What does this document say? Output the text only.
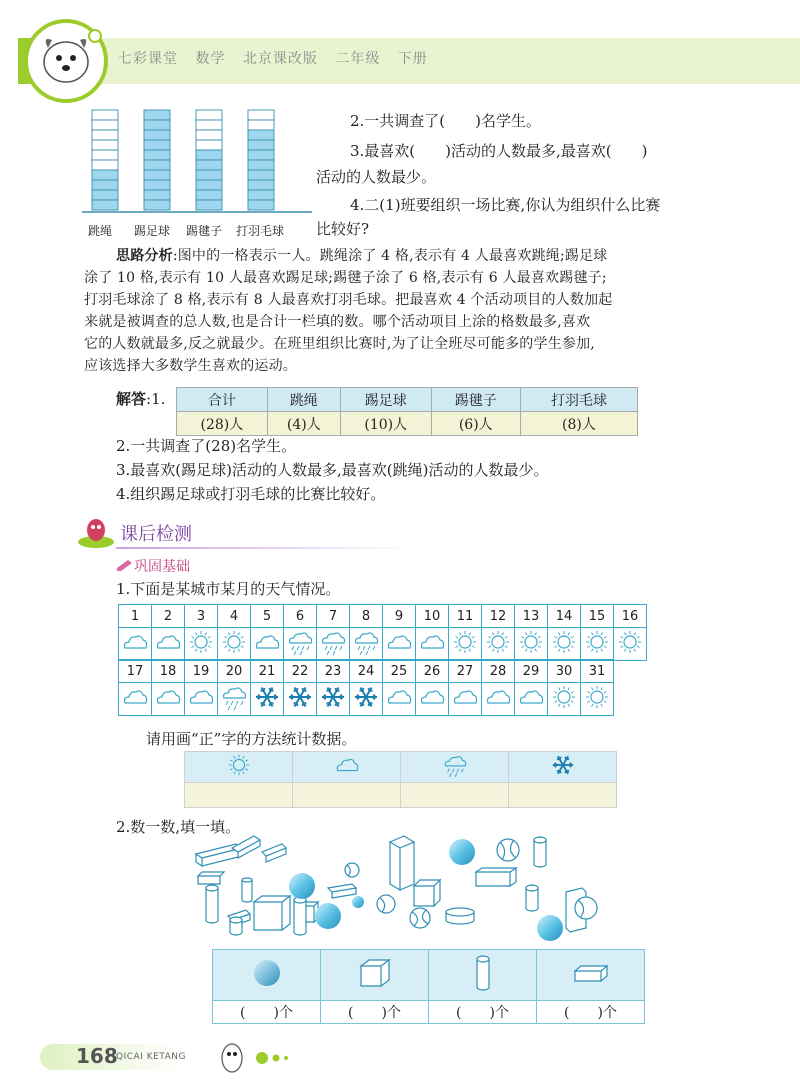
七彩课堂 数学 北京课改版 二年级 下册
跳绳 踢足球 踢毽子 打羽毛球
2.一共调查了(　　)名学生。
3.最喜欢(　　)活动的人数最多,最喜欢(　　)
活动的人数最少。
4.二(1)班要组织一场比赛,你认为组织什么比赛
比较好?
思路分析:图中的一格表示一人。跳绳涂了 4 格,表示有 4 人最喜欢跳绳;踢足球
涂了 10 格,表示有 10 人最喜欢踢足球;踢毽子涂了 6 格,表示有 6 人最喜欢踢毽子;
打羽毛球涂了 8 格,表示有 8 人最喜欢打羽毛球。把最喜欢 4 个活动项目的人数加起
来就是被调查的总人数,也是合计一栏填的数。哪个活动项目上涂的格数最多,喜欢
它的人数就最多,反之就最少。在班里组织比赛时,为了让全班尽可能多的学生参加,
应该选择大多数学生喜欢的运动。
解答:1.	合计	跳绳	踢足球	踢毽子	打羽毛球
(28)人	(4)人	(10)人	(6)人	(8)人
2.一共调查了(28)名学生。
3.最喜欢(踢足球)活动的人数最多,最喜欢(跳绳)活动的人数最少。
4.组织踢足球或打羽毛球的比赛比较好。
课后检测
巩固基础
1.下面是某城市某月的天气情况。
1	2	3	4	5	6	7	8	9	10	11	12	13	14	15	16

17	18	19	20	21	22	23	24	25	26	27	28	29	30	31

请用画“正”字的方法统计数据。

2.数一数,填一填。

(　　)个	(　　)个	(　　)个	(　　)个
168
QICAI KETANG
